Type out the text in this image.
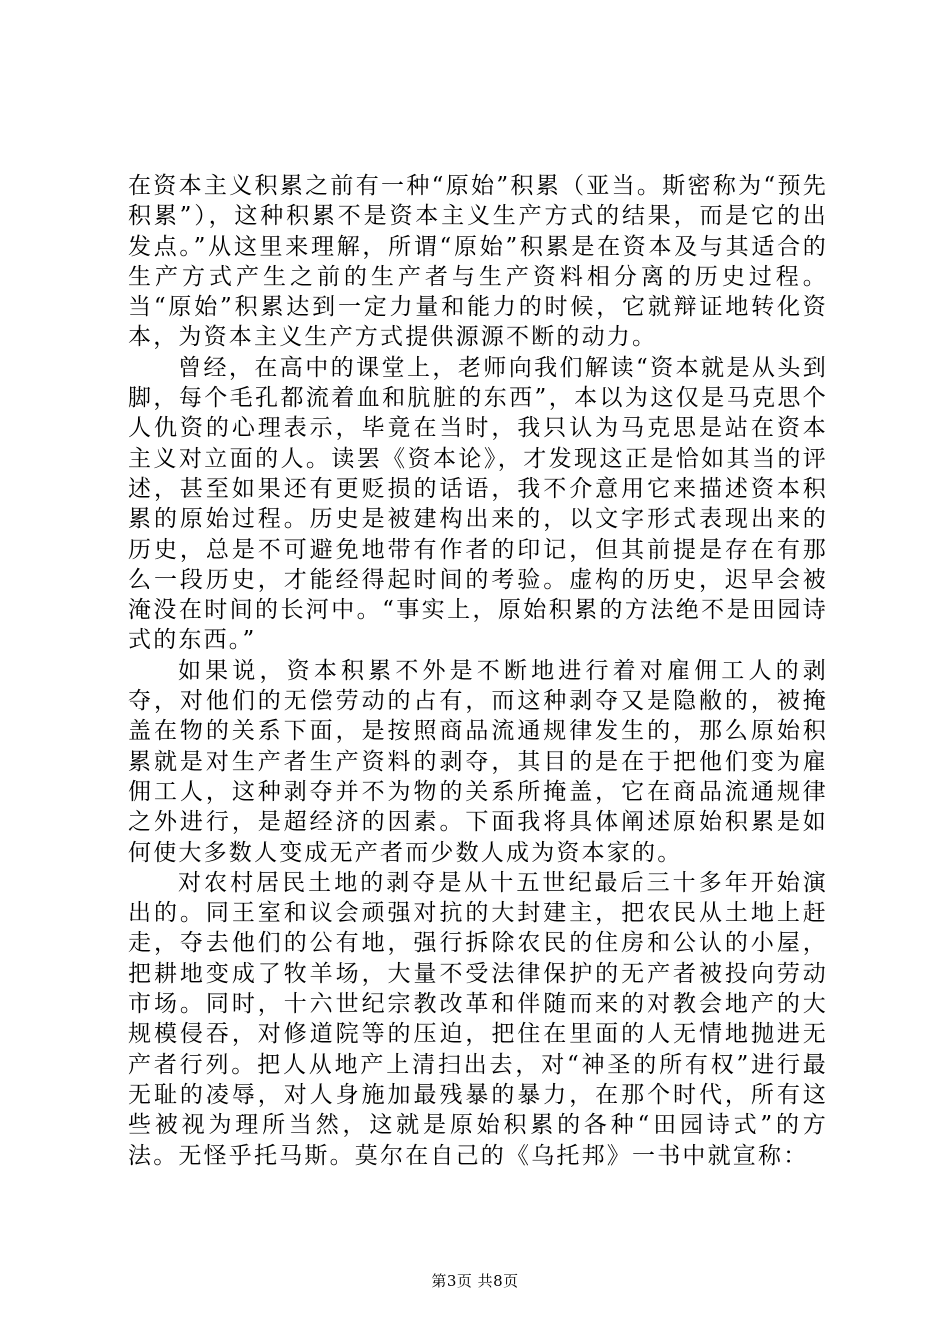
在资本主义积累之前有一种“原始”积累（亚当。斯密称为“预先积累”），这种积累不是资本主义生产方式的结果，而是它的出发点。”从这里来理解，所谓“原始”积累是在资本及与其适合的生产方式产生之前的生产者与生产资料相分离的历史过程。当“原始”积累达到一定力量和能力的时候，它就辩证地转化资本，为资本主义生产方式提供源源不断的动力。

曾经，在高中的课堂上，老师向我们解读“资本就是从头到脚，每个毛孔都流着血和肮脏的东西”，本以为这仅是马克思个人仇资的心理表示，毕竟在当时，我只认为马克思是站在资本主义对立面的人。读罢《资本论》，才发现这正是恰如其当的评述，甚至如果还有更贬损的话语，我不介意用它来描述资本积累的原始过程。历史是被建构出来的，以文字形式表现出来的历史，总是不可避免地带有作者的印记，但其前提是存在有那么一段历史，才能经得起时间的考验。虚构的历史，迟早会被淹没在时间的长河中。“事实上，原始积累的方法绝不是田园诗式的东西。”

如果说，资本积累不外是不断地进行着对雇佣工人的剥夺，对他们的无偿劳动的占有，而这种剥夺又是隐敝的，被掩盖在物的关系下面，是按照商品流通规律发生的，那么原始积累就是对生产者生产资料的剥夺，其目的是在于把他们变为雇佣工人，这种剥夺并不为物的关系所掩盖，它在商品流通规律之外进行，是超经济的因素。下面我将具体阐述原始积累是如何使大多数人变成无产者而少数人成为资本家的。

对农村居民土地的剥夺是从十五世纪最后三十多年开始演出的。同王室和议会顽强对抗的大封建主，把农民从土地上赶走，夺去他们的公有地，强行拆除农民的住房和公认的小屋，把耕地变成了牧羊场，大量不受法律保护的无产者被投向劳动市场。同时，十六世纪宗教改革和伴随而来的对教会地产的大规模侵吞，对修道院等的压迫，把住在里面的人无情地抛进无产者行列。把人从地产上清扫出去，对“神圣的所有权”进行最无耻的凌辱，对人身施加最残暴的暴力，在那个时代，所有这些被视为理所当然，这就是原始积累的各种“田园诗式”的方法。无怪乎托马斯。莫尔在自己的《乌托邦》一书中就宣称：

第3页 共8页
